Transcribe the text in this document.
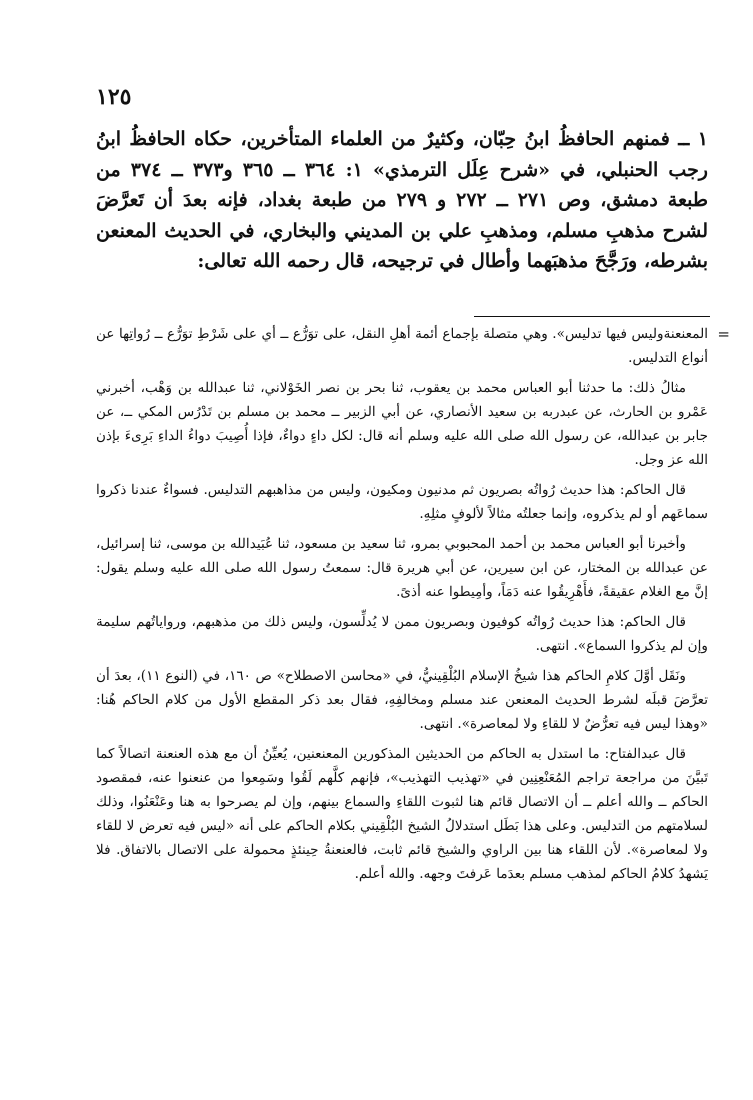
١٢٥

١ ــ فمنهم الحافظُ ابنُ حِبّان، وكثيرٌ من العلماء المتأخرين، حكاه الحافظُ ابنُ رجب الحنبلي، في «شرح عِلَل الترمذي» ١: ٣٦٤ ــ ٣٦٥ و٣٧٣ ــ ٣٧٤ من طبعة دمشق، وص ٢٧١ ــ ٢٧٢ و ٢٧٩ من طبعة بغداد، فإنه بعدَ أن تَعرَّضَ لشرح مذهبِ مسلم، ومذهبِ علي بن المديني والبخاري، في الحديث المعنعن بشرطه، ورَجَّحَ مذهبَهما وأطال في ترجيحه، قال رحمه الله تعالى:

=

المعنعنةوليس فيها تدليس». وهي متصلة بإجماع أئمة أهلِ النقل، على توَرُّع ــ أي على شَرْطِ توَرُّع ــ رُواتِها عن أنواع التدليس.

مثالُ ذلك: ما حدثنا أبو العباس محمد بن يعقوب، ثنا بحر بن نصر الخَوْلاني، ثنا عبدالله بن وَهْب، أخبرني عَمْرو بن الحارث، عن عبدربه بن سعيد الأنصاري، عن أبي الزبير ــ محمد بن مسلم بن تَدْرُس المكي ــ، عن جابر بن عبدالله، عن رسول الله صلى الله عليه وسلم أنه قال: لكل داءٍ دواءٌ، فإذا أُصِيبَ دواءُ الداءِ بَرِىءَ بإذن الله عز وجل.

قال الحاكم: هذا حديث رُواتُه بصريون ثم مدنيون ومكيون، وليس من مذاهبهم التدليس. فسواءٌ عندنا ذكروا سماعَهم أو لم يذكروه، وإنما جعلتُه مثالاً لألوفٍ مثلِهِ.

وأخبرنا أبو العباس محمد بن أحمد المحبوبي بمرو، ثنا سعيد بن مسعود، ثنا عُبَيدالله بن موسى، ثنا إسرائيل، عن عبدالله بن المختار، عن ابن سيرين، عن أبي هريرة قال: سمعتُ رسول الله صلى الله عليه وسلم يقول: إنَّ مع الغلام عقيقةً، فأَهْرِيقُوا عنه دَمَاً، وأمِيطوا عنه أذىً.

قال الحاكم: هذا حديث رُواتُه كوفيون وبصريون ممن لا يُدلِّسون، وليس ذلك من مذهبهم، ورواياتُهم سليمة وإن لم يذكروا السماع». انتهى.

ونَقَل أوَّلَ كلامِ الحاكم هذا شيخُ الإسلام البُلْقِينيُّ، في «محاسن الاصطلاح» ص ١٦٠، في (النوع ١١)، بعدَ أن تعرَّضَ قبلَه لشرط الحديث المعنعن عند مسلم ومخالفِهِ، فقال بعد ذكر المقطع الأول من كلام الحاكم هُنا: «وهذا ليس فيه تعرُّضٌ لا للقاءِ ولا لمعاصرة». انتهى.

قال عبدالفتاح: ما استدل به الحاكم من الحديثين المذكورين المعنعنين، يُعيِّنُ أن مع هذه العنعنة اتصالاً كما تَبيَّنَ من مراجعة تراجم المُعَنْعِنِين في «تهذيب التهذيب»، فإنهم كلَّهم لَقُوا وسَمِعوا من عنعنوا عنه، فمقصود الحاكم ــ والله أعلم ــ أن الاتصال قائم هنا لثبوت اللقاءِ والسماع بينهم، وإن لم يصرحوا به هنا وعَنْعَنُوا، وذلك لسلامتهم من التدليس. وعلى هذا بَطَل استدلالُ الشيخ البُلْقِيني بكلام الحاكم على أنه «ليس فيه تعرض لا للقاء ولا لمعاصرة». لأن اللقاء هنا بين الراوي والشيخ قائم ثابت، فالعنعنةُ حِينئذٍ محمولة على الاتصال بالاتفاق. فلا يَشهدُ كلامُ الحاكم لمذهب مسلم بعدَما عَرفتَ وجهه. والله أعلم.
